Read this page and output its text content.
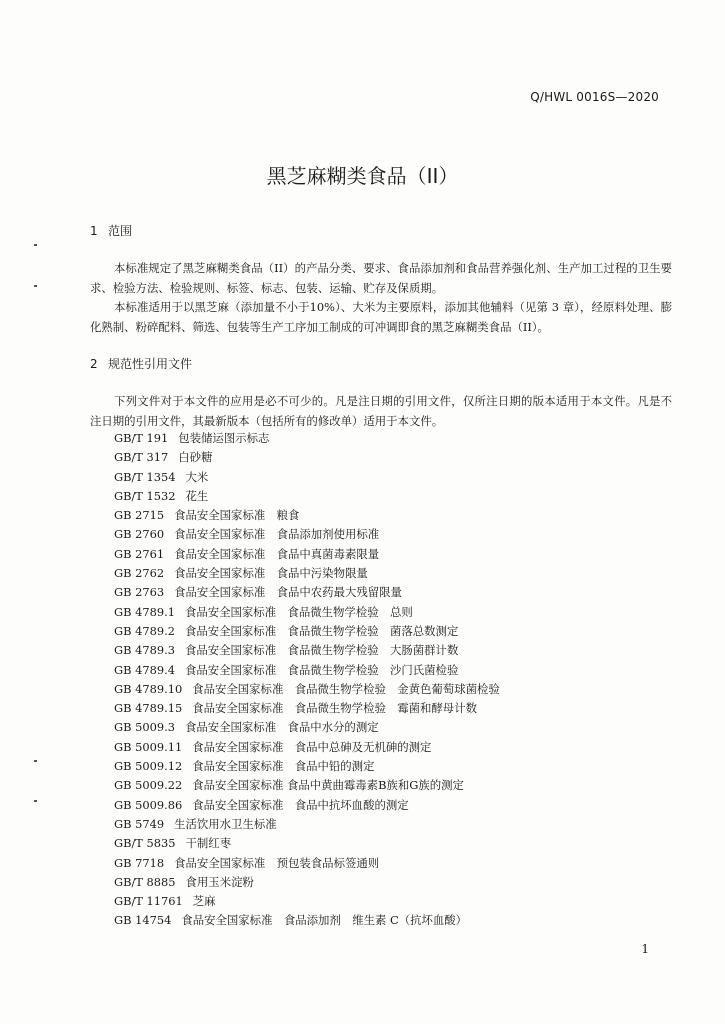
Q/HWL 0016S—2020
黑芝麻糊类食品（II）
1 范围
本标准规定了黑芝麻糊类食品（II）的产品分类、要求、食品添加剂和食品营养强化剂、生产加工过程的卫生要求、检验方法、检验规则、标签、标志、包装、运输、贮存及保质期。
本标准适用于以黑芝麻（添加量不小于10%）、大米为主要原料，添加其他辅料（见第 3 章），经原料处理、膨化熟制、粉碎配料、筛选、包装等生产工序加工制成的可冲调即食的黑芝麻糊类食品（II）。
2 规范性引用文件
下列文件对于本文件的应用是必不可少的。凡是注日期的引用文件，仅所注日期的版本适用于本文件。凡是不注日期的引用文件，其最新版本（包括所有的修改单）适用于本文件。
GB/T 191 包装储运图示标志
GB/T 317 白砂糖
GB/T 1354 大米
GB/T 1532 花生
GB 2715 食品安全国家标准　粮食
GB 2760 食品安全国家标准　食品添加剂使用标准
GB 2761 食品安全国家标准　食品中真菌毒素限量
GB 2762 食品安全国家标准　食品中污染物限量
GB 2763 食品安全国家标准　食品中农药最大残留限量
GB 4789.1 食品安全国家标准　食品微生物学检验　总则
GB 4789.2 食品安全国家标准　食品微生物学检验　菌落总数测定
GB 4789.3 食品安全国家标准　食品微生物学检验　大肠菌群计数
GB 4789.4 食品安全国家标准　食品微生物学检验　沙门氏菌检验
GB 4789.10 食品安全国家标准　食品微生物学检验　金黄色葡萄球菌检验
GB 4789.15 食品安全国家标准　食品微生物学检验　霉菌和酵母计数
GB 5009.3 食品安全国家标准　食品中水分的测定
GB 5009.11 食品安全国家标准　食品中总砷及无机砷的测定
GB 5009.12 食品安全国家标准　食品中铅的测定
GB 5009.22 食品安全国家标准 食品中黄曲霉毒素B族和G族的测定
GB 5009.86 食品安全国家标准　食品中抗坏血酸的测定
GB 5749 生活饮用水卫生标准
GB/T 5835 干制红枣
GB 7718 食品安全国家标准　预包装食品标签通则
GB/T 8885 食用玉米淀粉
GB/T 11761 芝麻
GB 14754 食品安全国家标准　食品添加剂　维生素 C（抗坏血酸）
1
